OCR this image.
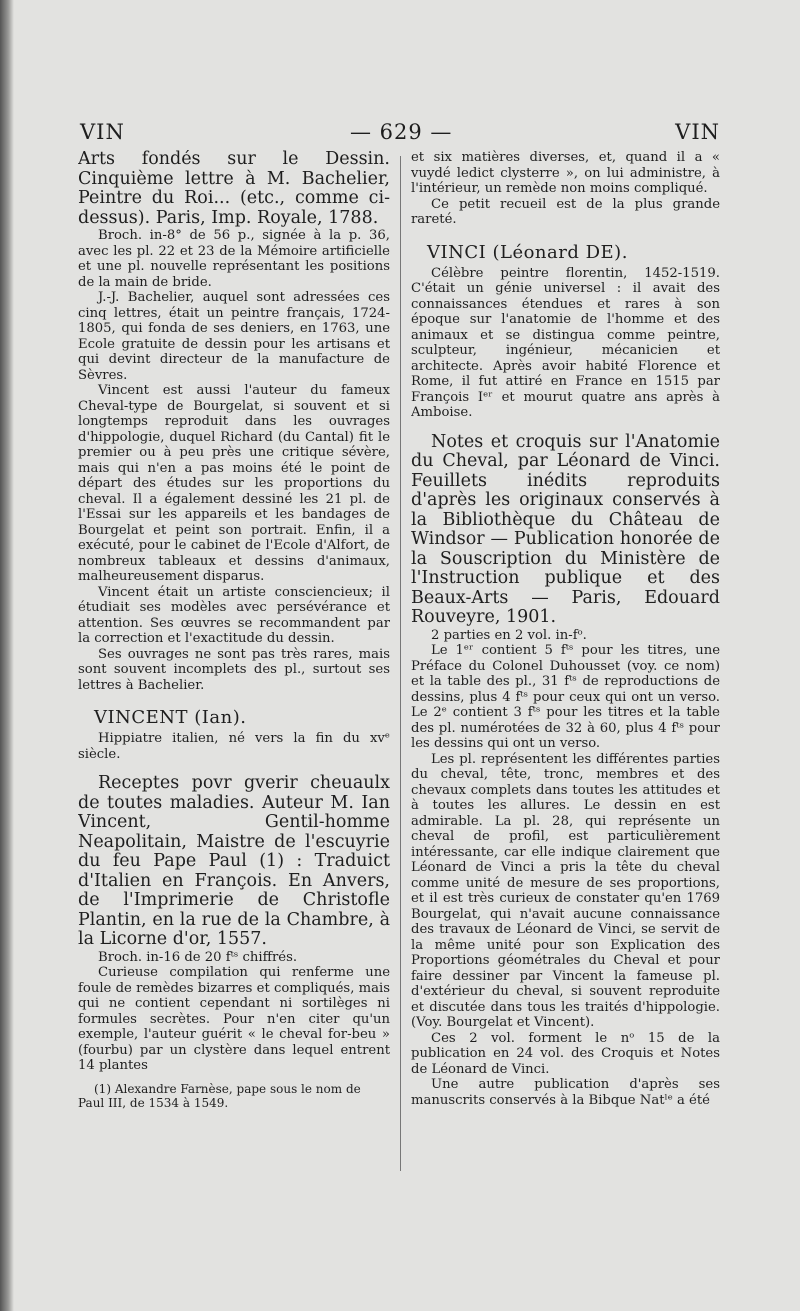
VIN	— 629 —	VIN

Arts fondés sur le Dessin. Cinquième lettre à M. Bachelier, Peintre du Roi... (etc., comme ci-dessus). Paris, Imp. Royale, 1788.

Broch. in-8° de 56 p., signée à la p. 36, avec les pl. 22 et 23 de la Mémoire artificielle et une pl. nouvelle représentant les positions de la main de bride.

J.-J. Bachelier, auquel sont adressées ces cinq lettres, était un peintre français, 1724-1805, qui fonda de ses deniers, en 1763, une Ecole gratuite de dessin pour les artisans et qui devint directeur de la manufacture de Sèvres.

Vincent est aussi l'auteur du fameux Cheval-type de Bourgelat, si souvent et si longtemps reproduit dans les ouvrages d'hippologie, duquel Richard (du Cantal) fit le premier ou à peu près une critique sévère, mais qui n'en a pas moins été le point de départ des études sur les proportions du cheval. Il a également dessiné les 21 pl. de l'Essai sur les appareils et les bandages de Bourgelat et peint son portrait. Enfin, il a exécuté, pour le cabinet de l'Ecole d'Alfort, de nombreux tableaux et dessins d'animaux, malheureusement disparus.

Vincent était un artiste consciencieux; il étudiait ses modèles avec persévérance et attention. Ses œuvres se recommandent par la correction et l'exactitude du dessin.

Ses ouvrages ne sont pas très rares, mais sont souvent incomplets des pl., surtout ses lettres à Bachelier.

VINCENT (Ian).

Hippiatre italien, né vers la fin du xvᵉ siècle.

Receptes povr gverir cheuaulx de toutes maladies. Auteur M. Ian Vincent, Gentil-homme Neapolitain, Maistre de l'escuyrie du feu Pape Paul (1) : Traduict d'Italien en François. En Anvers, de l'Imprimerie de Christofle Plantin, en la rue de la Chambre, à la Licorne d'or, 1557.

Broch. in-16 de 20 fᵗˢ chiffrés.

Curieuse compilation qui renferme une foule de remèdes bizarres et compliqués, mais qui ne contient cependant ni sortilèges ni formules secrètes. Pour n'en citer qu'un exemple, l'auteur guérit « le cheval for-beu » (fourbu) par un clystère dans lequel entrent 14 plantes

(1) Alexandre Farnèse, pape sous le nom de Paul III, de 1534 à 1549.

et six matières diverses, et, quand il a « vuydé ledict clysterre », on lui administre, à l'intérieur, un remède non moins compliqué.

Ce petit recueil est de la plus grande rareté.

VINCI (Léonard DE).

Célèbre peintre florentin, 1452-1519. C'était un génie universel : il avait des connaissances étendues et rares à son époque sur l'anatomie de l'homme et des animaux et se distingua comme peintre, sculpteur, ingénieur, mécanicien et architecte. Après avoir habité Florence et Rome, il fut attiré en France en 1515 par François Iᵉʳ et mourut quatre ans après à Amboise.

Notes et croquis sur l'Anatomie du Cheval, par Léonard de Vinci. Feuillets inédits reproduits d'après les originaux conservés à la Bibliothèque du Château de Windsor — Publication honorée de la Souscription du Ministère de l'Instruction publique et des Beaux-Arts — Paris, Edouard Rouveyre, 1901.

2 parties en 2 vol. in-fᵒ.

Le 1ᵉʳ contient 5 fᵗˢ pour les titres, une Préface du Colonel Duhousset (voy. ce nom) et la table des pl., 31 fᵗˢ de reproductions de dessins, plus 4 fᵗˢ pour ceux qui ont un verso. Le 2ᵉ contient 3 fᵗˢ pour les titres et la table des pl. numérotées de 32 à 60, plus 4 fᵗˢ pour les dessins qui ont un verso.

Les pl. représentent les différentes parties du cheval, tête, tronc, membres et des chevaux complets dans toutes les attitudes et à toutes les allures. Le dessin en est admirable. La pl. 28, qui représente un cheval de profil, est particulièrement intéressante, car elle indique clairement que Léonard de Vinci a pris la tête du cheval comme unité de mesure de ses proportions, et il est très curieux de constater qu'en 1769 Bourgelat, qui n'avait aucune connaissance des travaux de Léonard de Vinci, se servit de la même unité pour son Explication des Proportions géométrales du Cheval et pour faire dessiner par Vincent la fameuse pl. d'extérieur du cheval, si souvent reproduite et discutée dans tous les traités d'hippologie. (Voy. Bourgelat et Vincent).

Ces 2 vol. forment le nᵒ 15 de la publication en 24 vol. des Croquis et Notes de Léonard de Vinci.

Une autre publication d'après ses manuscrits conservés à la Bibque Natˡᵉ a été
